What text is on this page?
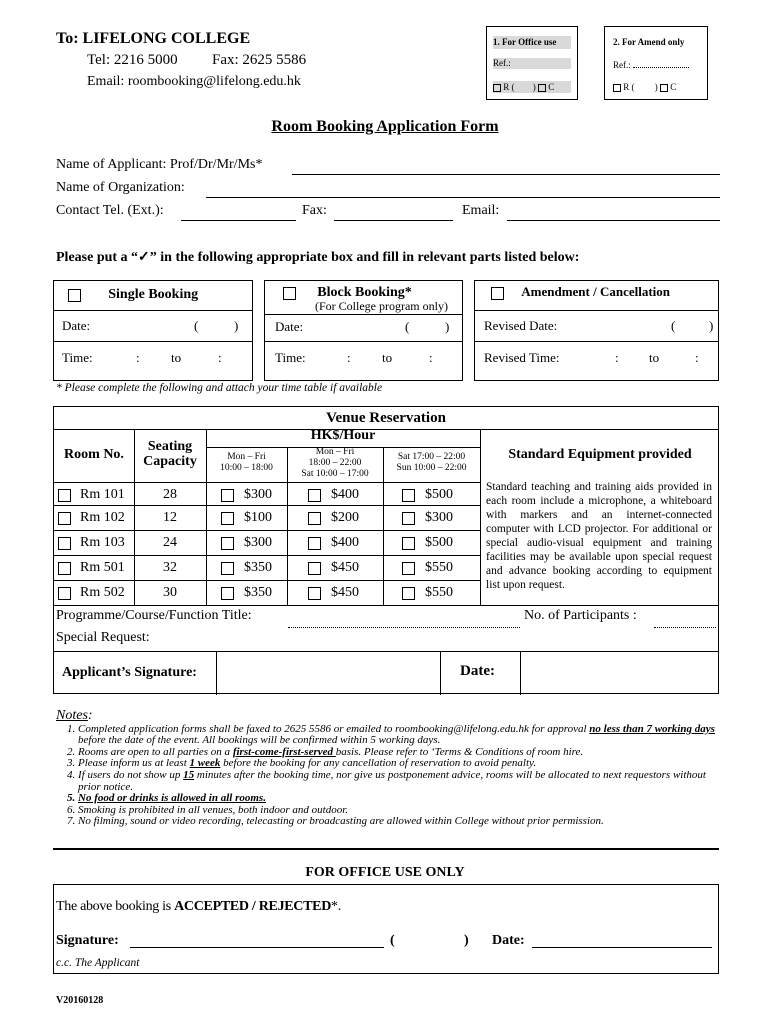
To: LIFELONG COLLEGE
Tel: 2216 5000 Fax: 2625 5586
Email: roombooking@lifelong.edu.hk
1. For Office use
Ref.:
R ( ) C
2. For Amend only
Ref.:
R ( ) C
Room Booking Application Form
Name of Applicant: Prof/Dr/Mr/Ms*
Name of Organization:
Contact Tel. (Ext.):	Fax:	Email:
Please put a “✓” in the following appropriate box and fill in relevant parts listed below:
Single Booking
Date:	(	)
Time:	: to	:
Block Booking*
(For College program only)
Date:	(	)
Time:	: to	:
Amendment / Cancellation
Revised Date:	(	)
Revised Time:	: to	:
* Please complete the following and attach your time table if available
Venue Reservation
HK$/Hour
Room No.
Seating
Capacity	Mon – Fri
10:00 – 18:00
Mon – Fri
18:00 – 22:00
Sat 10:00 – 17:00
Sat 17:00 – 22:00
Sun 10:00 – 22:00
Standard Equipment provided
Rm 101	28	$300	$400	$500
Rm 102	12	$100	$200	$300
Rm 103	24	$300	$400	$500
Rm 501	32	$350	$450	$550
Rm 502	30	$350	$450	$550
Standard teaching and training aids provided in each room include a microphone, a whiteboard with markers and an internet-connected computer with LCD projector. For additional or special audio-visual equipment and training facilities may be available upon special request and advance booking according to equipment list upon request.
Programme/Course/Function Title:	No. of Participants :
Special Request:
Applicant’s Signature:	Date:
Notes:
1. Completed application forms shall be faxed to 2625 5586 or emailed to roombooking@lifelong.edu.hk for approval no less than 7 working days before the date of the event. All bookings will be confirmed within 5 working days.
2. Rooms are open to all parties on a first-come-first-served basis. Please refer to ‘Terms & Conditions of room hire.
3. Please inform us at least 1 week before the booking for any cancellation of reservation to avoid penalty.
4. If users do not show up 15 minutes after the booking time, nor give us postponement advice, rooms will be allocated to next requestors without prior notice.
5. No food or drinks is allowed in all rooms.
6. Smoking is prohibited in all venues, both indoor and outdoor.
7. No filming, sound or video recording, telecasting or broadcasting are allowed within College without prior permission.
FOR OFFICE USE ONLY
The above booking is ACCEPTED / REJECTED*.
Signature:	(	) Date:
c.c. The Applicant
V20160128
